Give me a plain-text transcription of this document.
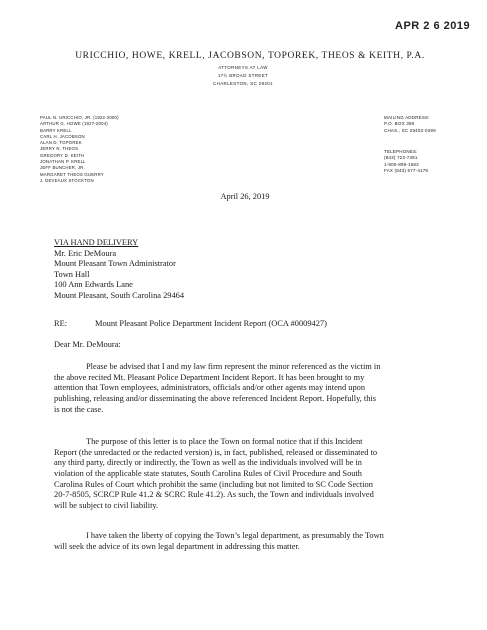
APR 2 6 2019
URICCHIO, HOWE, KRELL, JACOBSON, TOPOREK, THEOS & KEITH, P.A.
ATTORNEYS AT LAW
17½ BROAD STREET
CHARLESTON, SC 29401
PAUL N. URICCHIO, JR. (1922-2000)
ARTHUR G. HOWE (1927-2004)
BARRY KRELL
CARL H. JACOBSON
ALAN D. TOPOREK
JERRY N. THEOS
GREGORY D. KEITH
JONATHAN P. KRELL
JEFF BUNCHER, JR.
MARGARET THEOS GUERRY
J. DEVEAUX STOCKTON
MAILING ADDRESS:
P.O. BOX 399
CHAS., SC 29402-0399
TELEPHONES:
(843) 723-7491
1-800-899-1583
FAX (843) 577-4179
April 26, 2019
VIA HAND DELIVERY
Mr. Eric DeMoura
Mount Pleasant Town Administrator
Town Hall
100 Ann Edwards Lane
Mount Pleasant, South Carolina 29464
RE:	Mount Pleasant Police Department Incident Report (OCA #0009427)
Dear Mr. DeMoura:
Please be advised that I and my law firm represent the minor referenced as the victim in
the above recited Mt. Pleasant Police Department Incident Report. It has been brought to my
attention that Town employees, administrators, officials and/or other agents may intend upon
publishing, releasing and/or disseminating the above referenced Incident Report. Hopefully, this
is not the case.
The purpose of this letter is to place the Town on formal notice that if this Incident
Report (the unredacted or the redacted version) is, in fact, published, released or disseminated to
any third party, directly or indirectly, the Town as well as the individuals involved will be in
violation of the applicable state statutes, South Carolina Rules of Civil Procedure and South
Carolina Rules of Court which prohibit the same (including but not limited to SC Code Section
20-7-8505, SCRCP Rule 41.2 & SCRC Rule 41.2). As such, the Town and individuals involved
will be subject to civil liability.
I have taken the liberty of copying the Town’s legal department, as presumably the Town
will seek the advice of its own legal department in addressing this matter.
